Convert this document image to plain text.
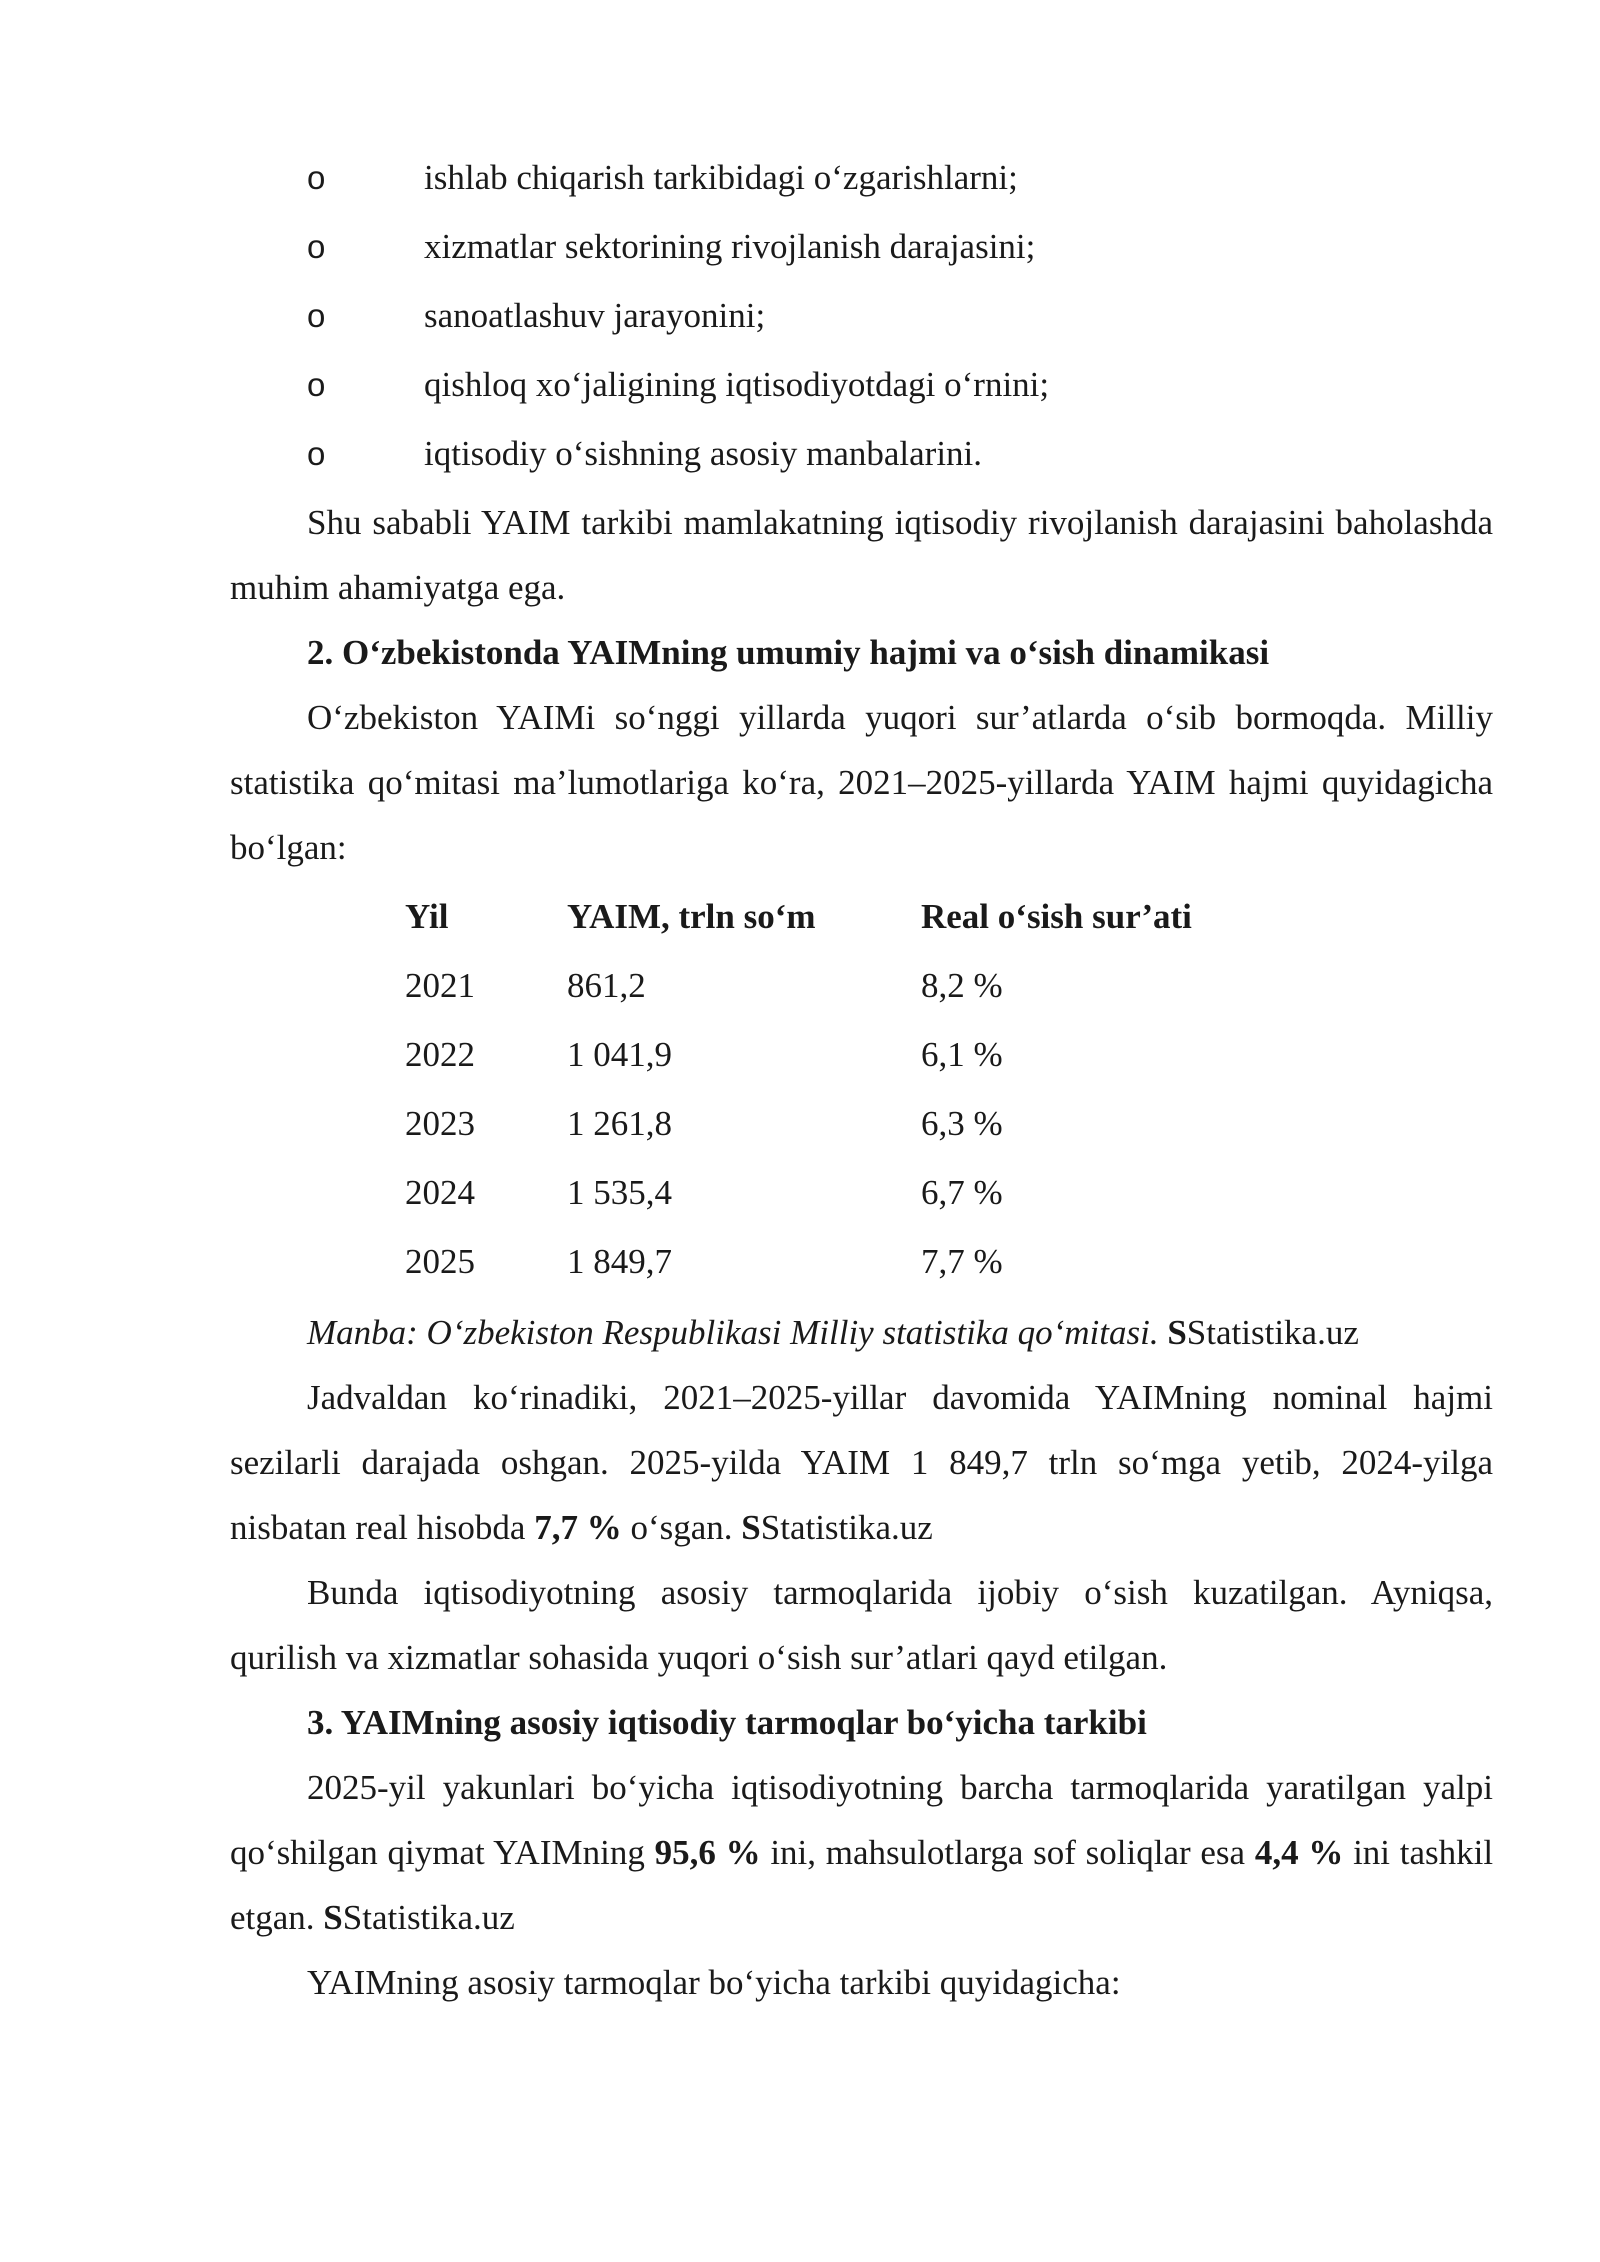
o	ishlab chiqarish tarkibidagi o‘zgarishlarni;
o	xizmatlar sektorining rivojlanish darajasini;
o	sanoatlashuv jarayonini;
o	qishloq xo‘jaligining iqtisodiyotdagi o‘rnini;
o	iqtisodiy o‘sishning asosiy manbalarini.

Shu sababli YAIM tarkibi mamlakatning iqtisodiy rivojlanish darajasini baholashda muhim ahamiyatga ega.

2. O‘zbekistonda YAIMning umumiy hajmi va o‘sish dinamikasi

O‘zbekiston YAIMi so‘nggi yillarda yuqori sur’atlarda o‘sib bormoqda. Milliy statistika qo‘mitasi ma’lumotlariga ko‘ra, 2021–2025-yillarda YAIM hajmi quyidagicha bo‘lgan:

Yil	YAIM, trln so‘m	Real o‘sish sur’ati
2021	861,2	8,2 %
2022	1 041,9	6,1 %
2023	1 261,8	6,3 %
2024	1 535,4	6,7 %
2025	1 849,7	7,7 %

Manba: O‘zbekiston Respublikasi Milliy statistika qo‘mitasi. SStatistika.uz

Jadvaldan ko‘rinadiki, 2021–2025-yillar davomida YAIMning nominal hajmi sezilarli darajada oshgan. 2025-yilda YAIM 1 849,7 trln so‘mga yetib, 2024-yilga nisbatan real hisobda 7,7 % o‘sgan. SStatistika.uz

Bunda iqtisodiyotning asosiy tarmoqlarida ijobiy o‘sish kuzatilgan. Ayniqsa, qurilish va xizmatlar sohasida yuqori o‘sish sur’atlari qayd etilgan.

3. YAIMning asosiy iqtisodiy tarmoqlar bo‘yicha tarkibi

2025-yil yakunlari bo‘yicha iqtisodiyotning barcha tarmoqlarida yaratilgan yalpi qo‘shilgan qiymat YAIMning 95,6 % ini, mahsulotlarga sof soliqlar esa 4,4 % ini tashkil etgan. SStatistika.uz

YAIMning asosiy tarmoqlar bo‘yicha tarkibi quyidagicha:
